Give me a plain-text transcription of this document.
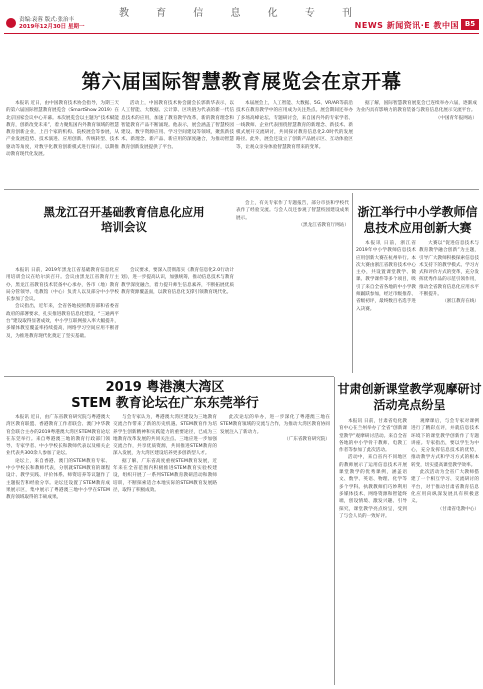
教 育 信 息 化 专 刊
责编:袁蓉 版式:张治丰
2019年12月30日 星期一	NEWS 新闻资讯·E 教中国 B5
第六届国际智慧教育展览会在京开幕

本报讯 近日，由中国教育技术协会指导，为期三天的第六届国际智慧教育展览会（SmartShow 2019）在北京国家会议中心开幕。本次展览会以主题为“技术赋能教育，创新改变未来”，着力聚焦国内外教育领域的智慧教育创新企业，上百个家的机构、院校展会等参展，从产业发展趋势、技术演进、应用创新、传统转型、技术驱动等角度，对数字化教育创新模式进行探讨，以期推动教育现代化发展。

活动上，中国教育技术协会副会长郭新华表示，以人工智能、大数据、云计算、区块链为代表的新一代信息技术的应用，加速了教育教学改革，新的教育理念和智能教育产品不断涌现。他表示，展会涵盖了智慧校园建设、数字资源应用、学习空间建设等领域，聚焦新技术、新理念、新产品、新应用的深度融合，为推动智慧教育创新发展提供了平台。

本届展会上，人工智能、大数据、5G、VR/AR等前沿技术在教育教学中的应用成为关注热点。展会期间还举办了多场高峰论坛、专题研讨会，来自国内外的专家学者、一线教师、企业代表围绕智慧教育的新理念、新技术、新模式展开交流研讨，共同探讨教育信息化2.0时代的发展路径。此外，展会还设立了创新产品展示区、互动体验区等，让观众亲身体验智慧教育带来的变革。

据了解，国际智慧教育展览会已连续举办六届，逐渐成为业内具有影响力的教育装备与教育信息化展示交流平台。

（中国青年报网站）

黑龙江召开基础教育信息化应用培训会议

本报讯 日前，2019年黑龙江省基础教育信息化应用培训会议在哈尔滨召开。会议由黑龙江省教育厅主办，黑龙江省教育技术装备中心承办，各市（地）教育局分管领导、电教馆（中心）负责人以及部分中小学校长参加了会议。

会议指出，近年来，全省各地按照教育部和省委省政府的部署要求，扎实推进教育信息化建设，“三通两平台”建设取得显著成效，中小学互联网接入率大幅提升，多媒体教室覆盖率持续提高，网络学习空间应用不断普及，为推进教育现代化奠定了坚实基础。

会议要求，要深入贯彻落实《教育信息化2.0行动计划》，进一步提高认识，加强统筹，推动信息技术与教育教学深度融合，着力提升师生信息素养，不断拓展优质教育资源覆盖面，以教育信息化支撑引领教育现代化。

会上，有关专家作了专题报告，部分市县和学校代表作了经验交流。与会人员还参观了智慧校园建设成果展示。

（黑龙江省教育厅网站）

浙江举行中小学教师信息技术应用创新大赛

本报讯 日前，浙江省2019年中小学教师信息技术应用创新大赛在杭州举行。本次大赛由浙江省教育技术中心主办，共设置课堂教学、微课、教学课件等多个项目，吸引了来自全省各地的中小学教师踊跃参加，经过市级推荐、省级初评，最终数百名选手进入决赛。

大赛以“促进信息技术与教育教学融合创新”为主题，引导广大教师积极探索信息技术支持下的教学模式、学习方式和评价方式的变革，充分发挥优秀作品的示范引领作用，推动全省教育信息化应用水平不断提升。

（浙江教育在线）

2019 粤港澳大湾区
STEM 教育论坛在广东东莞举行

本报讯 近日，由广东省教育研究院与粤港澳大湾区教育联盟、香港教育工作者联会、澳门中华教育会联合主办的2019粤港澳大湾区STEM教育论坛在东莞举行。来自粤港澳三地的教育行政部门领导、专家学者、中小学校长和教师代表以及相关企业代表共300余人参加了论坛。

论坛上，来自香港、澳门的STEM教育专家、中小学校长和教师代表，分别就STEM教育的课程设计、教学实践、评价体系、师资培养等议题作了主题报告和经验分享。论坛还设置了STEM教育成果展示区，集中展示了粤港澳三地中小学在STEM教育领域取得的丰硕成果。

与会专家认为，粤港澳大湾区建设为三地教育交流合作带来了新的历史机遇。STEM教育作为培养学生创新精神和实践能力的重要途径，已成为三地教育改革发展的共同关注点。三地应进一步加强交流合作，共享优质资源，共同推进STEM教育的深入发展，为大湾区建设培养更多创新型人才。

据了解，广东省高度重视STEM教育发展，近年来在全省范围内积极推进STEM教育实验校建设，组织开展了一系列STEM教育教研活动和教师培训，不断探索适合本地实际的STEM教育发展路径，取得了积极成效。

此次论坛的举办，进一步深化了粤港澳三地在STEM教育领域的交流与合作，为推动大湾区教育协同发展注入了新动力。

（广东省教育研究院）

甘肃创新课堂教学观摩研讨活动亮点纷呈

本报讯 日前，甘肃省电化教育中心在兰州举办了全省“创新课堂教学”观摩研讨活动。来自全省各地的中小学骨干教师、电教工作者等参加了此次活动。

活动中，来自省内不同地区的教师展示了运用信息技术开展课堂教学的优秀课例，涵盖语文、数学、英语、物理、化学等多个学科。执教教师们巧妙利用多媒体技术、网络资源和智能终端，创设情境、激发兴趣、引导探究，课堂教学亮点纷呈，受到了与会人员的一致好评。

观摩课后，与会专家对课例进行了精彩点评，并就信息技术环境下的课堂教学创新作了专题讲座。专家指出，要以学生为中心，充分发挥信息技术的优势，推动教学方式和学习方式的根本转变，切实提高课堂教学效率。

此次活动为全省广大教师搭建了一个相互学习、交流研讨的平台，对于推动甘肃省教育信息化应用向纵深发展具有积极意义。

（甘肃省电教中心）
